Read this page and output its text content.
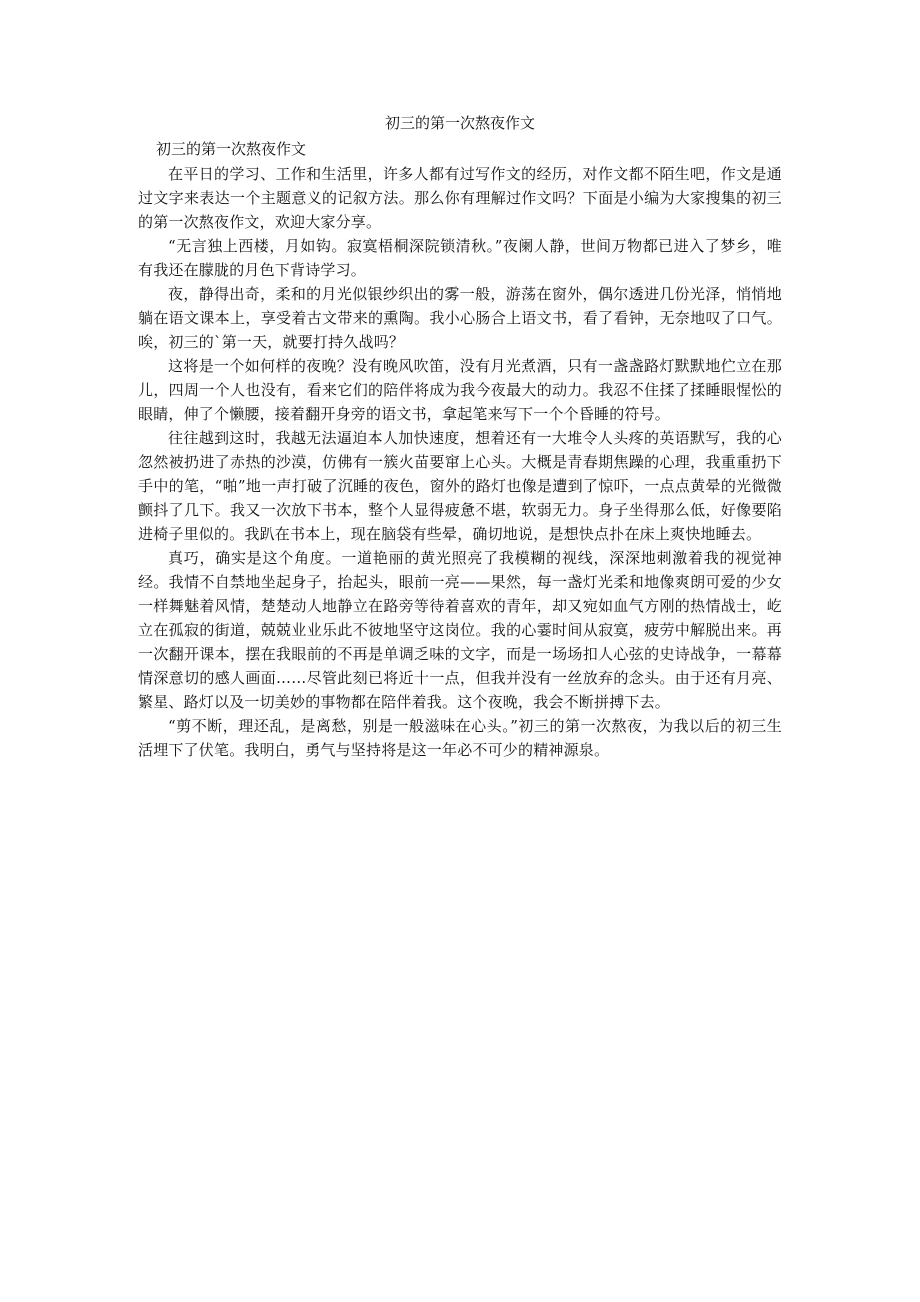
初三的第一次熬夜作文
初三的第一次熬夜作文

在平日的学习、工作和生活里，许多人都有过写作文的经历，对作文都不陌生吧，作文是通过文字来表达一个主题意义的记叙方法。那么你有理解过作文吗？下面是小编为大家搜集的初三的第一次熬夜作文，欢迎大家分享。

“无言独上西楼，月如钩。寂寞梧桐深院锁清秋。”夜阑人静，世间万物都已进入了梦乡，唯有我还在朦胧的月色下背诗学习。

夜，静得出奇，柔和的月光似银纱织出的雾一般，游荡在窗外，偶尔透进几份光泽，悄悄地躺在语文课本上，享受着古文带来的熏陶。我小心肠合上语文书，看了看钟，无奈地叹了口气。唉，初三的`第一天，就要打持久战吗？

这将是一个如何样的夜晚？没有晚风吹笛，没有月光煮酒，只有一盏盏路灯默默地伫立在那儿，四周一个人也没有，看来它们的陪伴将成为我今夜最大的动力。我忍不住揉了揉睡眼惺忪的眼睛，伸了个懒腰，接着翻开身旁的语文书，拿起笔来写下一个个昏睡的符号。

往往越到这时，我越无法逼迫本人加快速度，想着还有一大堆令人头疼的英语默写，我的心忽然被扔进了赤热的沙漠，仿佛有一簇火苗要窜上心头。大概是青春期焦躁的心理，我重重扔下手中的笔，“啪”地一声打破了沉睡的夜色，窗外的路灯也像是遭到了惊吓，一点点黄晕的光微微颤抖了几下。我又一次放下书本，整个人显得疲惫不堪，软弱无力。身子坐得那么低，好像要陷进椅子里似的。我趴在书本上，现在脑袋有些晕，确切地说，是想快点扑在床上爽快地睡去。

真巧，确实是这个角度。一道艳丽的黄光照亮了我模糊的视线，深深地刺激着我的视觉神经。我情不自禁地坐起身子，抬起头，眼前一亮——果然，每一盏灯光柔和地像爽朗可爱的少女一样舞魅着风情，楚楚动人地静立在路旁等待着喜欢的青年，却又宛如血气方刚的热情战士，屹立在孤寂的街道，兢兢业业乐此不彼地坚守这岗位。我的心霎时间从寂寞，疲劳中解脱出来。再一次翻开课本，摆在我眼前的不再是单调乏味的文字，而是一场场扣人心弦的史诗战争，一幕幕情深意切的感人画面……尽管此刻已将近十一点，但我并没有一丝放弃的念头。由于还有月亮、繁星、路灯以及一切美妙的事物都在陪伴着我。这个夜晚，我会不断拼搏下去。

“剪不断，理还乱，是离愁，别是一般滋味在心头。”初三的第一次熬夜，为我以后的初三生活埋下了伏笔。我明白，勇气与坚持将是这一年必不可少的精神源泉。
